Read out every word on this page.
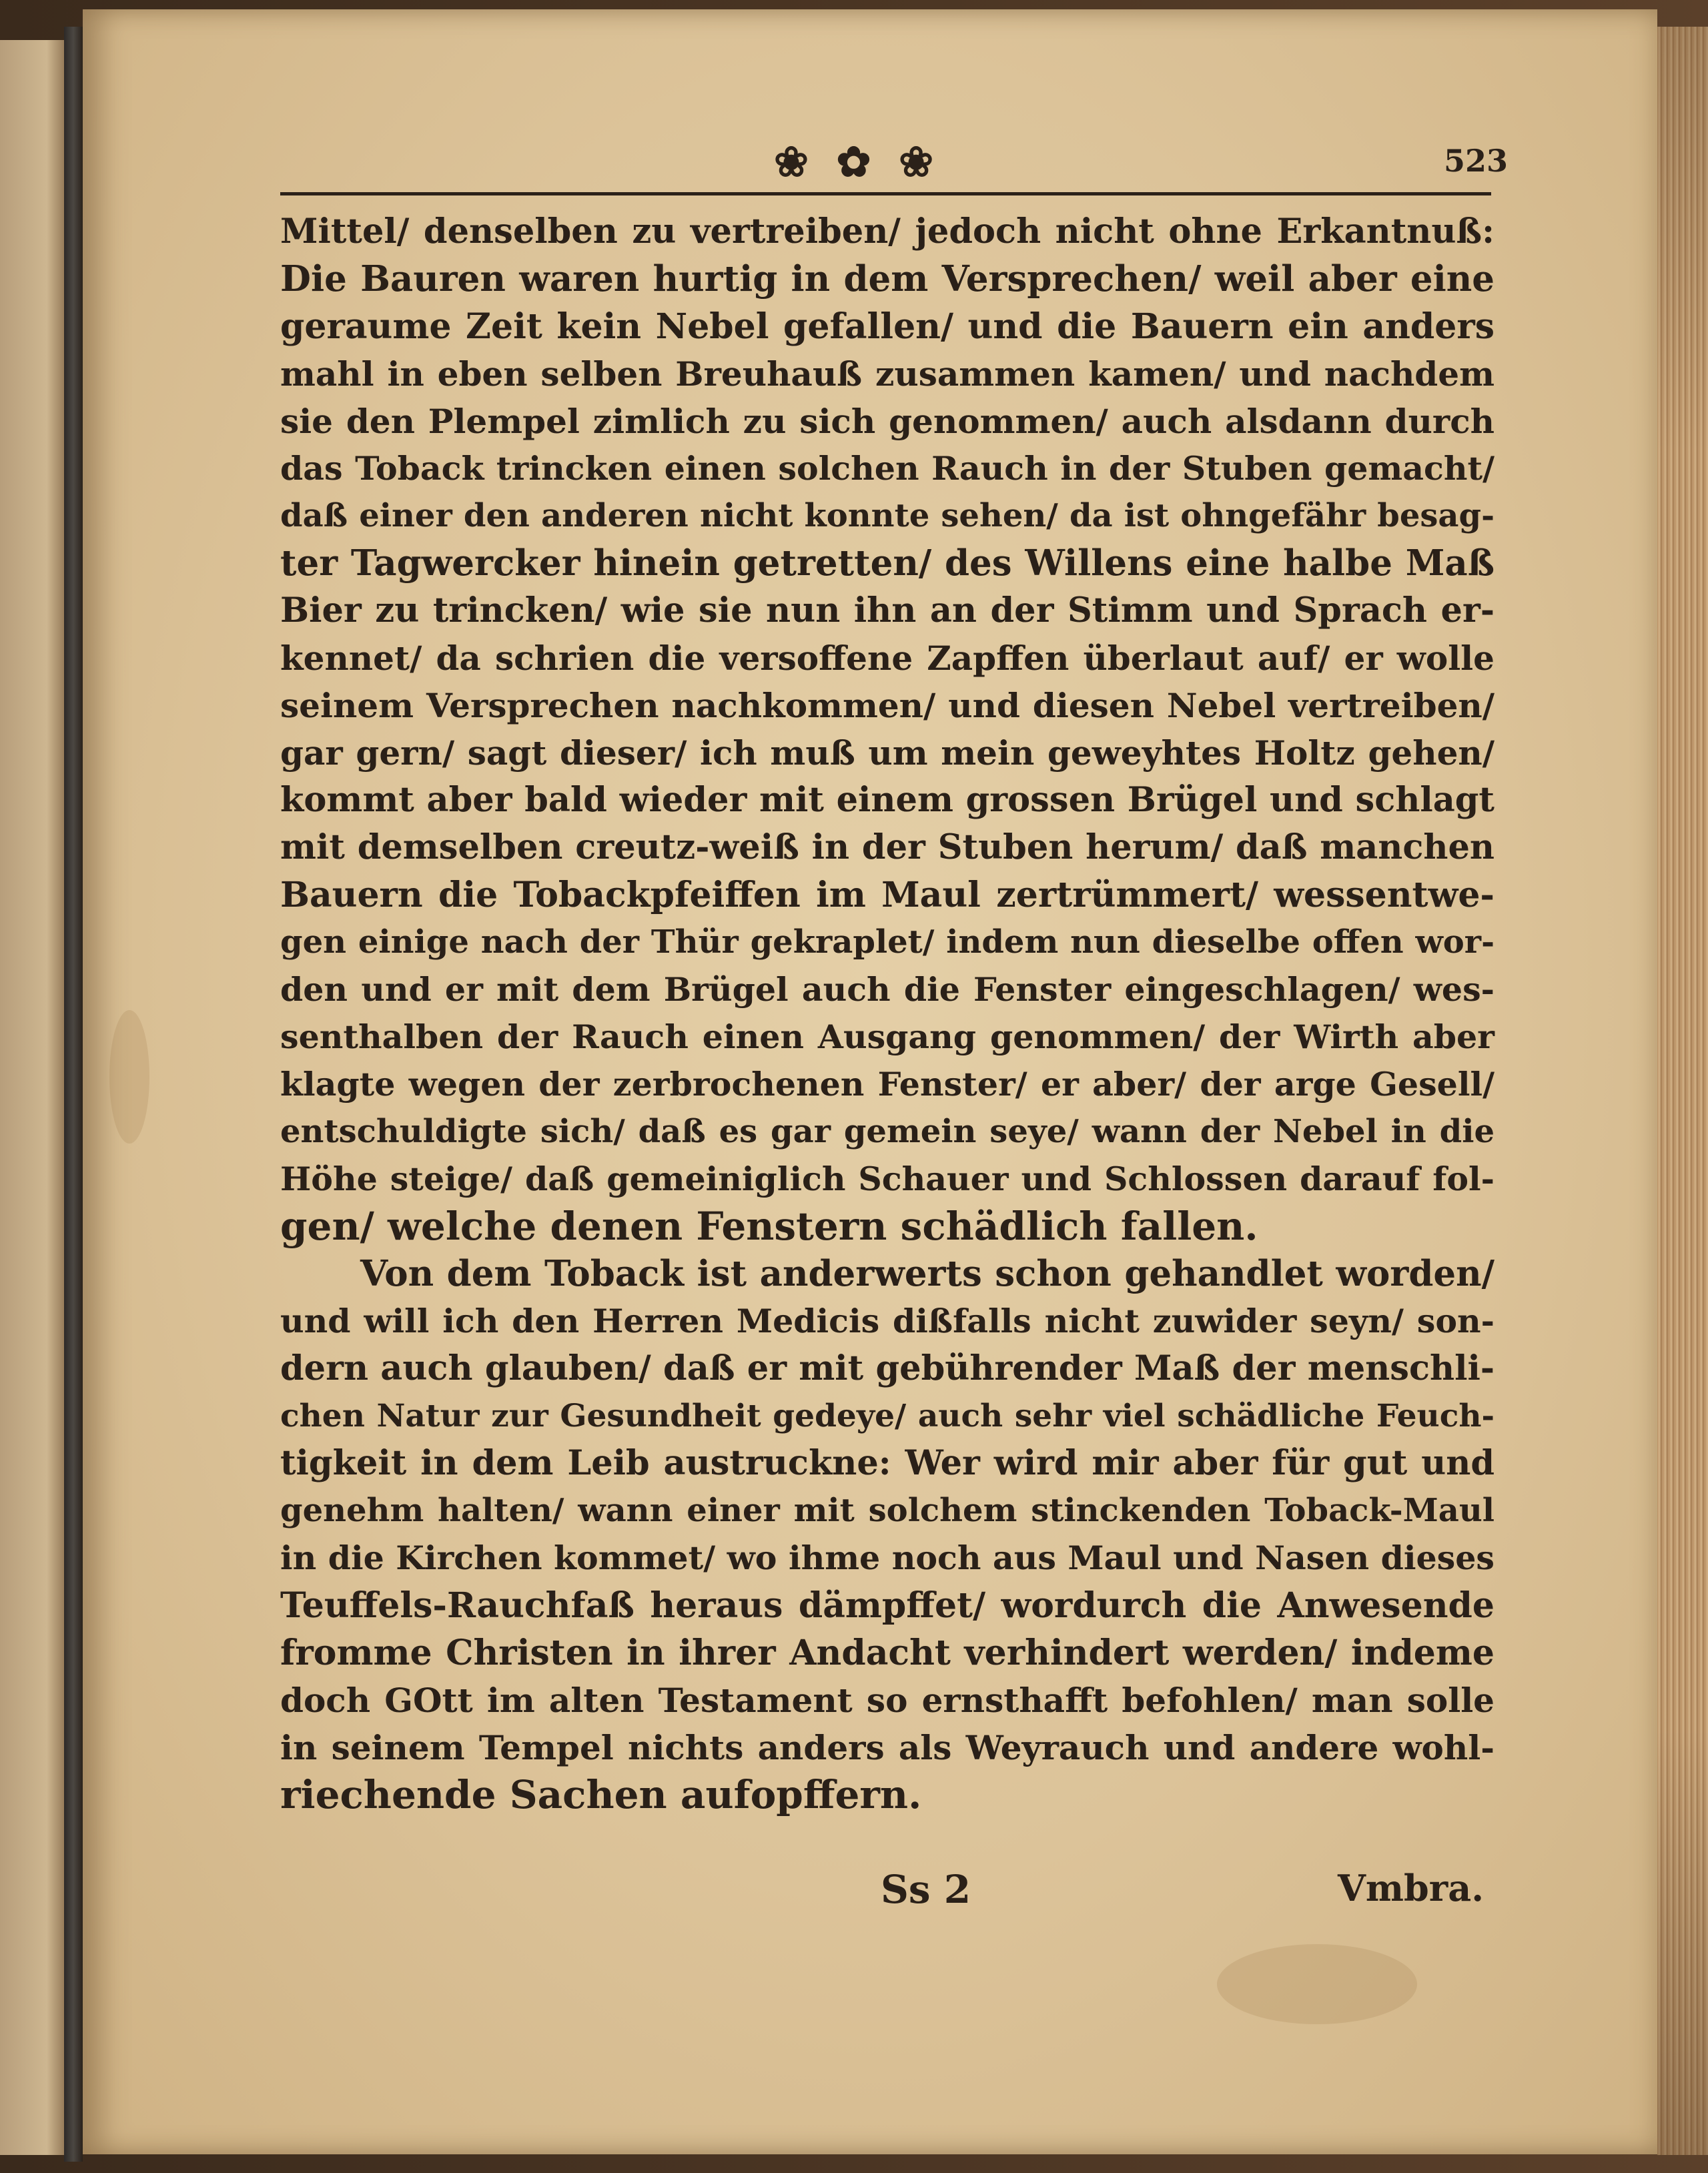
❀ ✿ ❀	523
Mittel/ denselben zu vertreiben/ jedoch nicht ohne Erkantnuß:
Die Bauren waren hurtig in dem Versprechen/ weil aber eine
geraume Zeit kein Nebel gefallen/ und die Bauern ein anders
mahl in eben selben Breuhauß zusammen kamen/ und nachdem
sie den Plempel zimlich zu sich genommen/ auch alsdann durch
das Toback trincken einen solchen Rauch in der Stuben gemacht/
daß einer den anderen nicht konnte sehen/ da ist ohngefähr besag-
ter Tagwercker hinein getretten/ des Willens eine halbe Maß
Bier zu trincken/ wie sie nun ihn an der Stimm und Sprach er-
kennet/ da schrien die versoffene Zapffen überlaut auf/ er wolle
seinem Versprechen nachkommen/ und diesen Nebel vertreiben/
gar gern/ sagt dieser/ ich muß um mein geweyhtes Holtz gehen/
kommt aber bald wieder mit einem grossen Brügel und schlagt
mit demselben creutz-weiß in der Stuben herum/ daß manchen
Bauern die Tobackpfeiffen im Maul zertrümmert/ wessentwe-
gen einige nach der Thür gekraplet/ indem nun dieselbe offen wor-
den und er mit dem Brügel auch die Fenster eingeschlagen/ wes-
senthalben der Rauch einen Ausgang genommen/ der Wirth aber
klagte wegen der zerbrochenen Fenster/ er aber/ der arge Gesell/
entschuldigte sich/ daß es gar gemein seye/ wann der Nebel in die
Höhe steige/ daß gemeiniglich Schauer und Schlossen darauf fol-
gen/ welche denen Fenstern schädlich fallen.
Von dem Toback ist anderwerts schon gehandlet worden/
und will ich den Herren Medicis dißfalls nicht zuwider seyn/ son-
dern auch glauben/ daß er mit gebührender Maß der menschli-
chen Natur zur Gesundheit gedeye/ auch sehr viel schädliche Feuch-
tigkeit in dem Leib austruckne: Wer wird mir aber für gut und
genehm halten/ wann einer mit solchem stinckenden Toback-Maul
in die Kirchen kommet/ wo ihme noch aus Maul und Nasen dieses
Teuffels-Rauchfaß heraus dämpffet/ wordurch die Anwesende
fromme Christen in ihrer Andacht verhindert werden/ indeme
doch GOtt im alten Testament so ernsthafft befohlen/ man solle
in seinem Tempel nichts anders als Weyrauch und andere wohl-
riechende Sachen aufopffern.
Ss 2	Vmbra.
